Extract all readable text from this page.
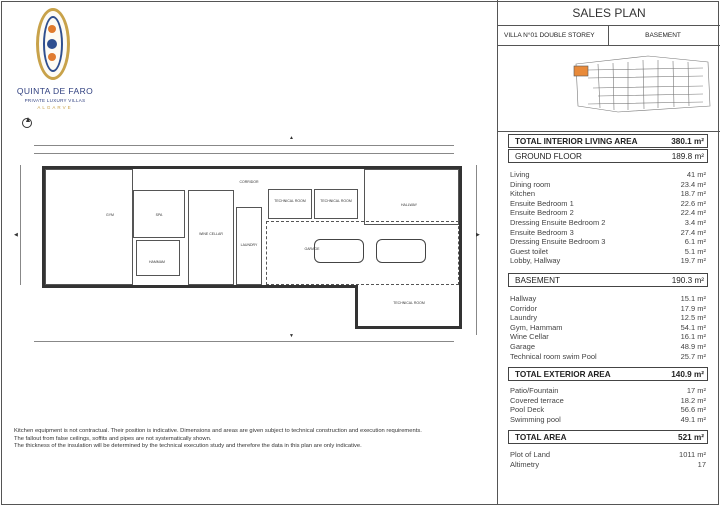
QUINTA DE FARO
PRIVATE LUXURY VILLAS
ALGARVE
▲
◀	▶
▼
GYM	SPA
HAMMAM
WINE CELLAR
LAUNDRY
CORRIDOR
TECHNICAL ROOM	TECHNICAL ROOM
HALLWAY
GARAGE
TECHNICAL ROOM
Kitchen equipment is not contractual. Their position is indicative. Dimensions and areas are given subject to technical construction and execution requirements.
The fallout from false ceilings, soffits and pipes are not systematically shown.
The thickness of the insulation will be determined by the technical execution study and therefore the data in this plan are only indicative.
SALES PLAN
VILLA N°01 DOUBLE STOREY	BASEMENT
TOTAL INTERIOR LIVING AREA	380.1 m²
GROUND FLOOR	189.8 m²
Living	41 m²
Dining room	23.4 m²
Kitchen	18.7 m²
Ensuite Bedroom 1	22.6 m²
Ensuite Bedroom 2	22.4 m²
Dressing Ensuite Bedroom 2	3.4 m²
Ensuite Bedroom 3	27.4 m²
Dressing Ensuite Bedroom 3	6.1 m²
Guest toilet	5.1 m²
Lobby, Hallway	19.7 m²
BASEMENT	190.3 m²
Hallway	15.1 m²
Corridor	17.9 m²
Laundry	12.5 m²
Gym, Hammam	54.1 m²
Wine Cellar	16.1 m²
Garage	48.9 m²
Technical room swim Pool	25.7 m²
TOTAL EXTERIOR AREA	140.9 m²
Patio/Fountain	17 m²
Covered terrace	18.2 m²
Pool Deck	56.6 m²
Swimming pool	49.1 m²
TOTAL AREA	521 m²
Plot of Land	1011 m²
Altimetry	17
